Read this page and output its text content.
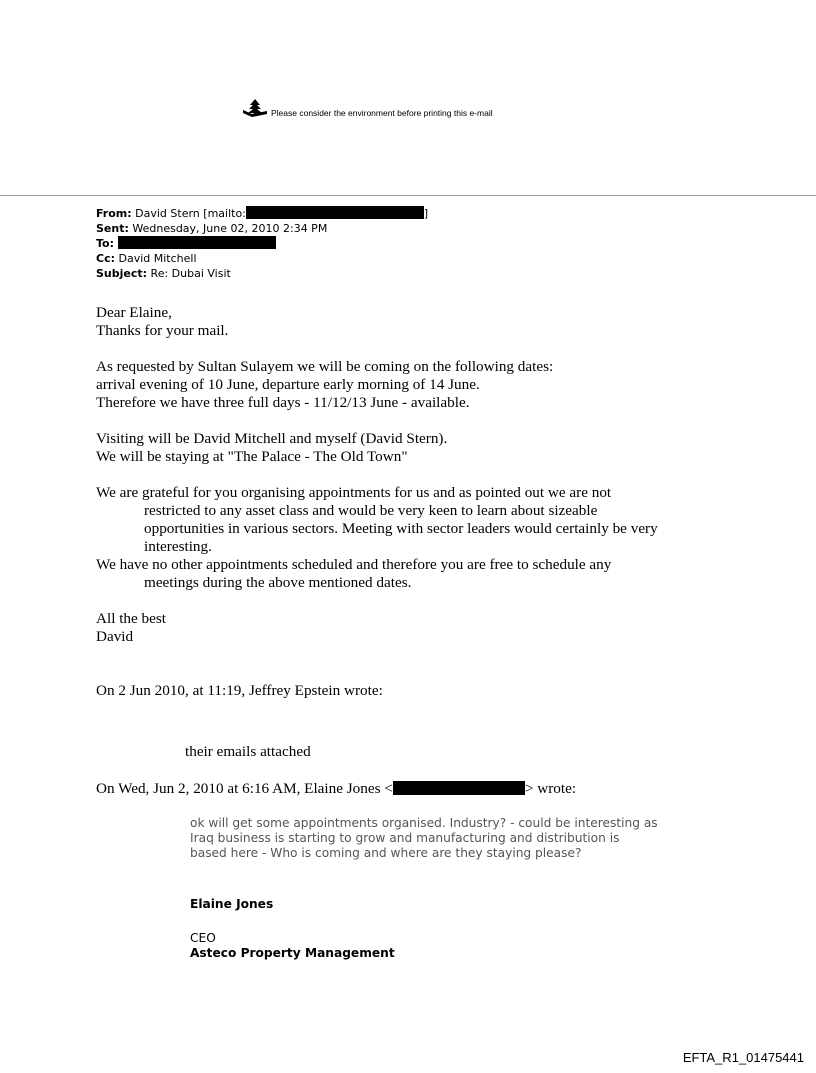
Please consider the environment before printing this e-mail
From: David Stern [mailto:	]
Sent: Wednesday, June 02, 2010 2:34 PM
To:
Cc: David Mitchell
Subject: Re: Dubai Visit

Dear Elaine,

Thanks for your mail.

As requested by Sultan Sulayem we will be coming on the following dates:

arrival evening of 10 June, departure early morning of 14 June.

Therefore we have three full days - 11/12/13 June - available.

Visiting will be David Mitchell and myself (David Stern).

We will be staying at "The Palace - The Old Town"

We are grateful for you organising appointments for us and as pointed out we are not restricted to any asset class and would be very keen to learn about sizeable opportunities in various sectors. Meeting with sector leaders would certainly be very interesting.

We have no other appointments scheduled and therefore you are free to schedule any meetings during the above mentioned dates.

All the best

David

On 2 Jun 2010, at 11:19, Jeffrey Epstein wrote:

their emails attached
On Wed, Jun 2, 2010 at 6:16 AM, Elaine Jones <	> wrote:
ok will get some appointments organised. Industry? - could be interesting as Iraq business is starting to grow and manufacturing and distribution is based here - Who is coming and where are they staying please?
Elaine Jones
CEO
Asteco Property Management
EFTA_R1_01475441
